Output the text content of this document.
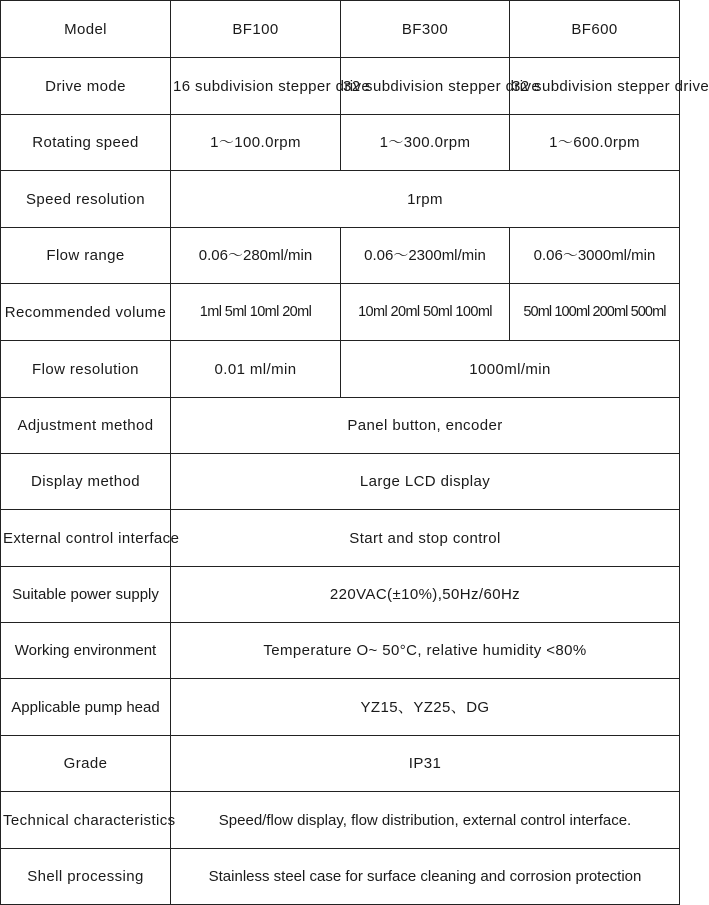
Model	BF100	BF300	BF600
Drive mode	16 subdivision stepper drive	32 subdivision stepper drive	32 subdivision stepper drive
Rotating speed	1～100.0rpm	1～300.0rpm	1～600.0rpm
Speed resolution	1rpm		
Flow range	0.06～280ml/min	0.06～2300ml/min	0.06～3000ml/min
Recommended volume	1ml 5ml 10ml 20ml	10ml 20ml 50ml 100ml	50ml 100ml 200ml 500ml
Flow resolution	0.01 ml/min	1000ml/min	
Adjustment method	Panel button, encoder		
Display method	Large LCD display		
External control interface	Start and stop control		
Suitable power supply	220VAC(±10%),50Hz/60Hz		
Working environment	Temperature O~ 50°C, relative humidity <80%		
Applicable pump head	YZ15、YZ25、DG		
Grade	IP31		
Technical characteristics	Speed/flow display, flow distribution, external control interface.		
Shell processing	Stainless steel case for surface cleaning and corrosion protection		
